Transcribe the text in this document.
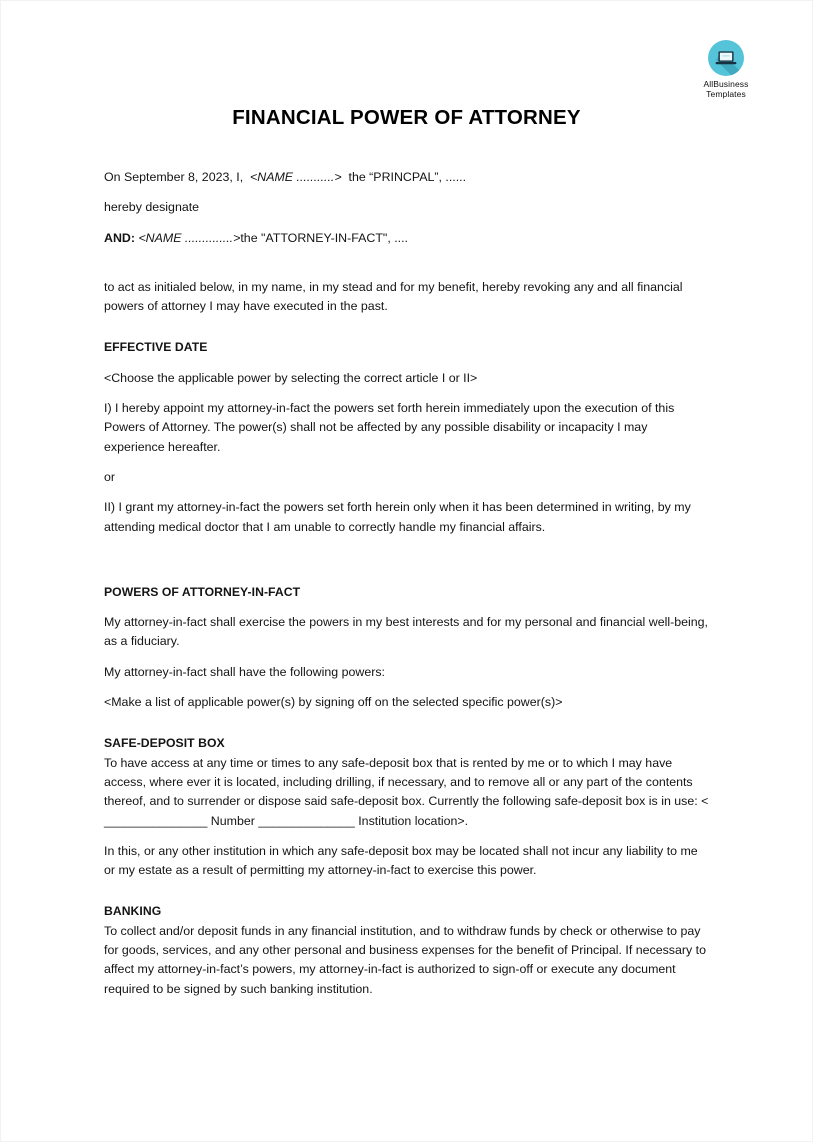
AllBusiness
Templates
FINANCIAL POWER OF ATTORNEY

On September 8, 2023, I, <NAME ...........> the “PRINCPAL”, ......

hereby designate

AND: <NAME ..............>the "ATTORNEY-IN-FACT", ....

to act as initialed below, in my name, in my stead and for my benefit, hereby revoking any and all financial powers of attorney I may have executed in the past.

EFFECTIVE DATE

<Choose the applicable power by selecting the correct article I or II>

I) I hereby appoint my attorney-in-fact the powers set forth herein immediately upon the execution of this Powers of Attorney. The power(s) shall not be affected by any possible disability or incapacity I may experience hereafter.

or

II) I grant my attorney-in-fact the powers set forth herein only when it has been determined in writing, by my attending medical doctor that I am unable to correctly handle my financial affairs.

POWERS OF ATTORNEY-IN-FACT

My attorney-in-fact shall exercise the powers in my best interests and for my personal and financial well-being, as a fiduciary.

My attorney-in-fact shall have the following powers:

<Make a list of applicable power(s) by signing off on the selected specific power(s)>

SAFE-DEPOSIT BOX

To have access at any time or times to any safe-deposit box that is rented by me or to which I may have access, where ever it is located, including drilling, if necessary, and to remove all or any part of the contents thereof, and to surrender or dispose said safe-deposit box. Currently the following safe-deposit box is in use: < _______________ Number ______________ Institution location>.

In this, or any other institution in which any safe-deposit box may be located shall not incur any liability to me or my estate as a result of permitting my attorney-in-fact to exercise this power.

BANKING

To collect and/or deposit funds in any financial institution, and to withdraw funds by check or otherwise to pay for goods, services, and any other personal and business expenses for the benefit of Principal. If necessary to affect my attorney-in-fact’s powers, my attorney-in-fact is authorized to sign-off or execute any document required to be signed by such banking institution.
